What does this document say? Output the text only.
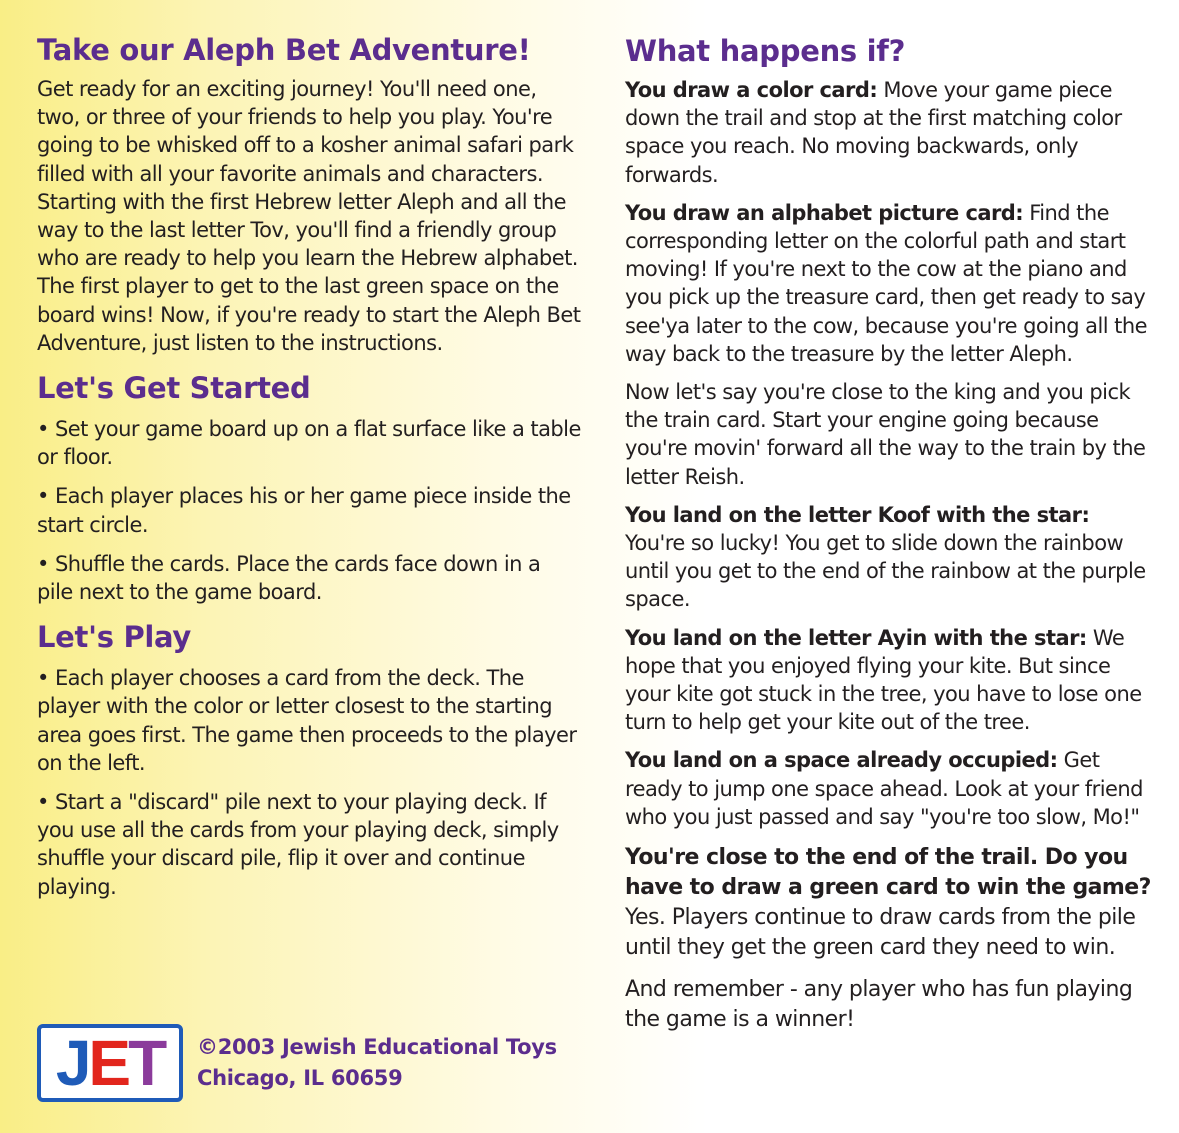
Take our Aleph Bet Adventure!

Get ready for an exciting journey! You'll need one, two, or three of your friends to help you play. You're going to be whisked off to a kosher animal safari park filled with all your favorite animals and characters. Starting with the first Hebrew letter Aleph and all the way to the last letter Tov, you'll find a friendly group who are ready to help you learn the Hebrew alphabet. The first player to get to the last green space on the board wins! Now, if you're ready to start the Aleph Bet Adventure, just listen to the instructions.

Let's Get Started

• Set your game board up on a flat surface like a table or floor.

• Each player places his or her game piece inside the start circle.

• Shuffle the cards. Place the cards face down in a pile next to the game board.

Let's Play

• Each player chooses a card from the deck. The player with the color or letter closest to the starting area goes first. The game then proceeds to the player on the left.

• Start a "discard" pile next to your playing deck. If you use all the cards from your playing deck, simply shuffle your discard pile, flip it over and continue playing.

J E T ©2003 Jewish Educational Toys
Chicago, IL 60659
What happens if?

You draw a color card: Move your game piece down the trail and stop at the first matching color space you reach. No moving backwards, only forwards.

You draw an alphabet picture card: Find the corresponding letter on the colorful path and start moving! If you're next to the cow at the piano and you pick up the treasure card, then get ready to say see'ya later to the cow, because you're going all the way back to the treasure by the letter Aleph.

Now let's say you're close to the king and you pick the train card. Start your engine going because you're movin' forward all the way to the train by the letter Reish.

You land on the letter Koof with the star: You're so lucky! You get to slide down the rainbow until you get to the end of the rainbow at the purple space.

You land on the letter Ayin with the star: We hope that you enjoyed flying your kite. But since your kite got stuck in the tree, you have to lose one turn to help get your kite out of the tree.

You land on a space already occupied: Get ready to jump one space ahead. Look at your friend who you just passed and say "you're too slow, Mo!"

You're close to the end of the trail. Do you have to draw a green card to win the game? Yes. Players continue to draw cards from the pile until they get the green card they need to win.

And remember - any player who has fun playing the game is a winner!
